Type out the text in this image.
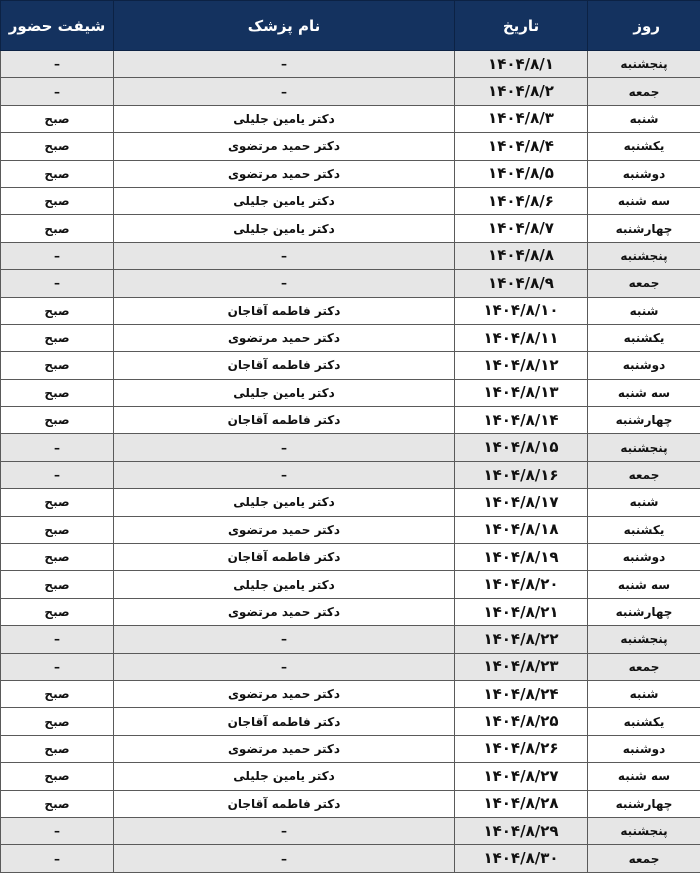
روز	تاریخ	نام پزشک	شیفت حضور
پنجشنبه	۱۴۰۴/۸/۱	–	–
جمعه	۱۴۰۴/۸/۲	–	–
شنبه	۱۴۰۴/۸/۳	دکتر یامین جلیلی	صبح
یکشنبه	۱۴۰۴/۸/۴	دکتر حمید مرتضوی	صبح
دوشنبه	۱۴۰۴/۸/۵	دکتر حمید مرتضوی	صبح
سه شنبه	۱۴۰۴/۸/۶	دکتر یامین جلیلی	صبح
چهارشنبه	۱۴۰۴/۸/۷	دکتر یامین جلیلی	صبح
پنجشنبه	۱۴۰۴/۸/۸	–	–
جمعه	۱۴۰۴/۸/۹	–	–
شنبه	۱۴۰۴/۸/۱۰	دکتر فاطمه آقاجان	صبح
یکشنبه	۱۴۰۴/۸/۱۱	دکتر حمید مرتضوی	صبح
دوشنبه	۱۴۰۴/۸/۱۲	دکتر فاطمه آقاجان	صبح
سه شنبه	۱۴۰۴/۸/۱۳	دکتر یامین جلیلی	صبح
چهارشنبه	۱۴۰۴/۸/۱۴	دکتر فاطمه آقاجان	صبح
پنجشنبه	۱۴۰۴/۸/۱۵	–	–
جمعه	۱۴۰۴/۸/۱۶	–	–
شنبه	۱۴۰۴/۸/۱۷	دکتر یامین جلیلی	صبح
یکشنبه	۱۴۰۴/۸/۱۸	دکتر حمید مرتضوی	صبح
دوشنبه	۱۴۰۴/۸/۱۹	دکتر فاطمه آقاجان	صبح
سه شنبه	۱۴۰۴/۸/۲۰	دکتر یامین جلیلی	صبح
چهارشنبه	۱۴۰۴/۸/۲۱	دکتر حمید مرتضوی	صبح
پنجشنبه	۱۴۰۴/۸/۲۲	–	–
جمعه	۱۴۰۴/۸/۲۳	–	–
شنبه	۱۴۰۴/۸/۲۴	دکتر حمید مرتضوی	صبح
یکشنبه	۱۴۰۴/۸/۲۵	دکتر فاطمه آقاجان	صبح
دوشنبه	۱۴۰۴/۸/۲۶	دکتر حمید مرتضوی	صبح
سه شنبه	۱۴۰۴/۸/۲۷	دکتر یامین جلیلی	صبح
چهارشنبه	۱۴۰۴/۸/۲۸	دکتر فاطمه آقاجان	صبح
پنجشنبه	۱۴۰۴/۸/۲۹	–	–
جمعه	۱۴۰۴/۸/۳۰	–	–
